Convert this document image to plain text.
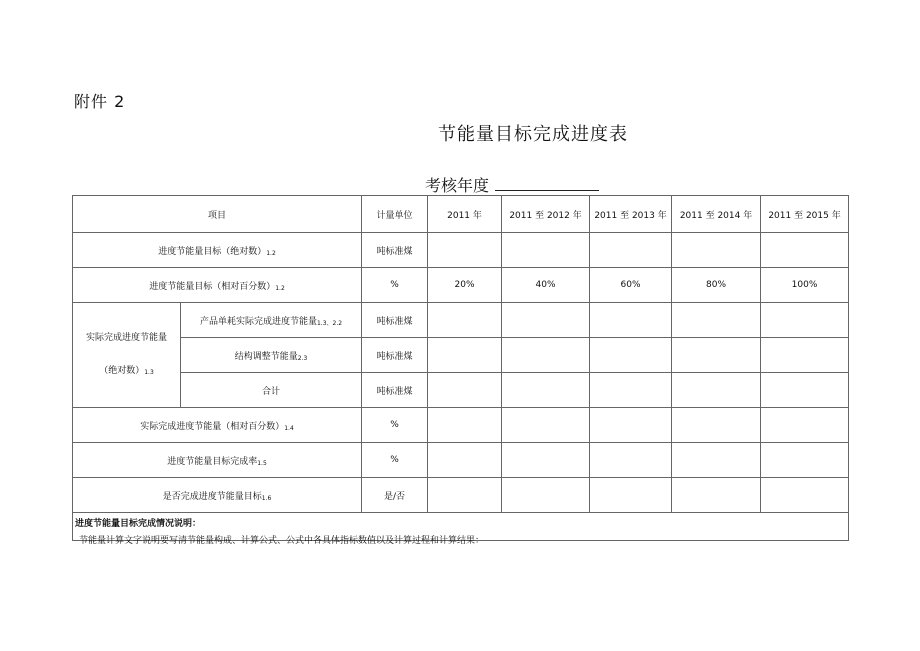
附件 2
节能量目标完成进度表
考核年度
项目		计量单位	2011 年	2011 至 2012 年	2011 至 2013 年	2011 至 2014 年	2011 至 2015 年
进度节能量目标（绝对数）$_{1.2}$		吨标准煤					
进度节能量目标（相对百分数）$_{1.2}$		%	20%	40%	60%	80%	100%

实际完成进度节能量
（绝对数）$_{1.3}$	产品单耗实际完成进度节能量$_{1.3、2.2}$	吨标准煤					
	结构调整节能量$_{2.3}$	吨标准煤					
	合计	吨标准煤					
实际完成进度节能量（相对百分数）$_{1.4}$		%					
进度节能量目标完成率$_{1.5}$		%					
是否完成进度节能量目标$_{1.6}$		是/否					

进度节能量目标完成情况说明：
节能量计算文字说明要写清节能量构成、计算公式、公式中各具体指标数值以及计算过程和计算结果：							
